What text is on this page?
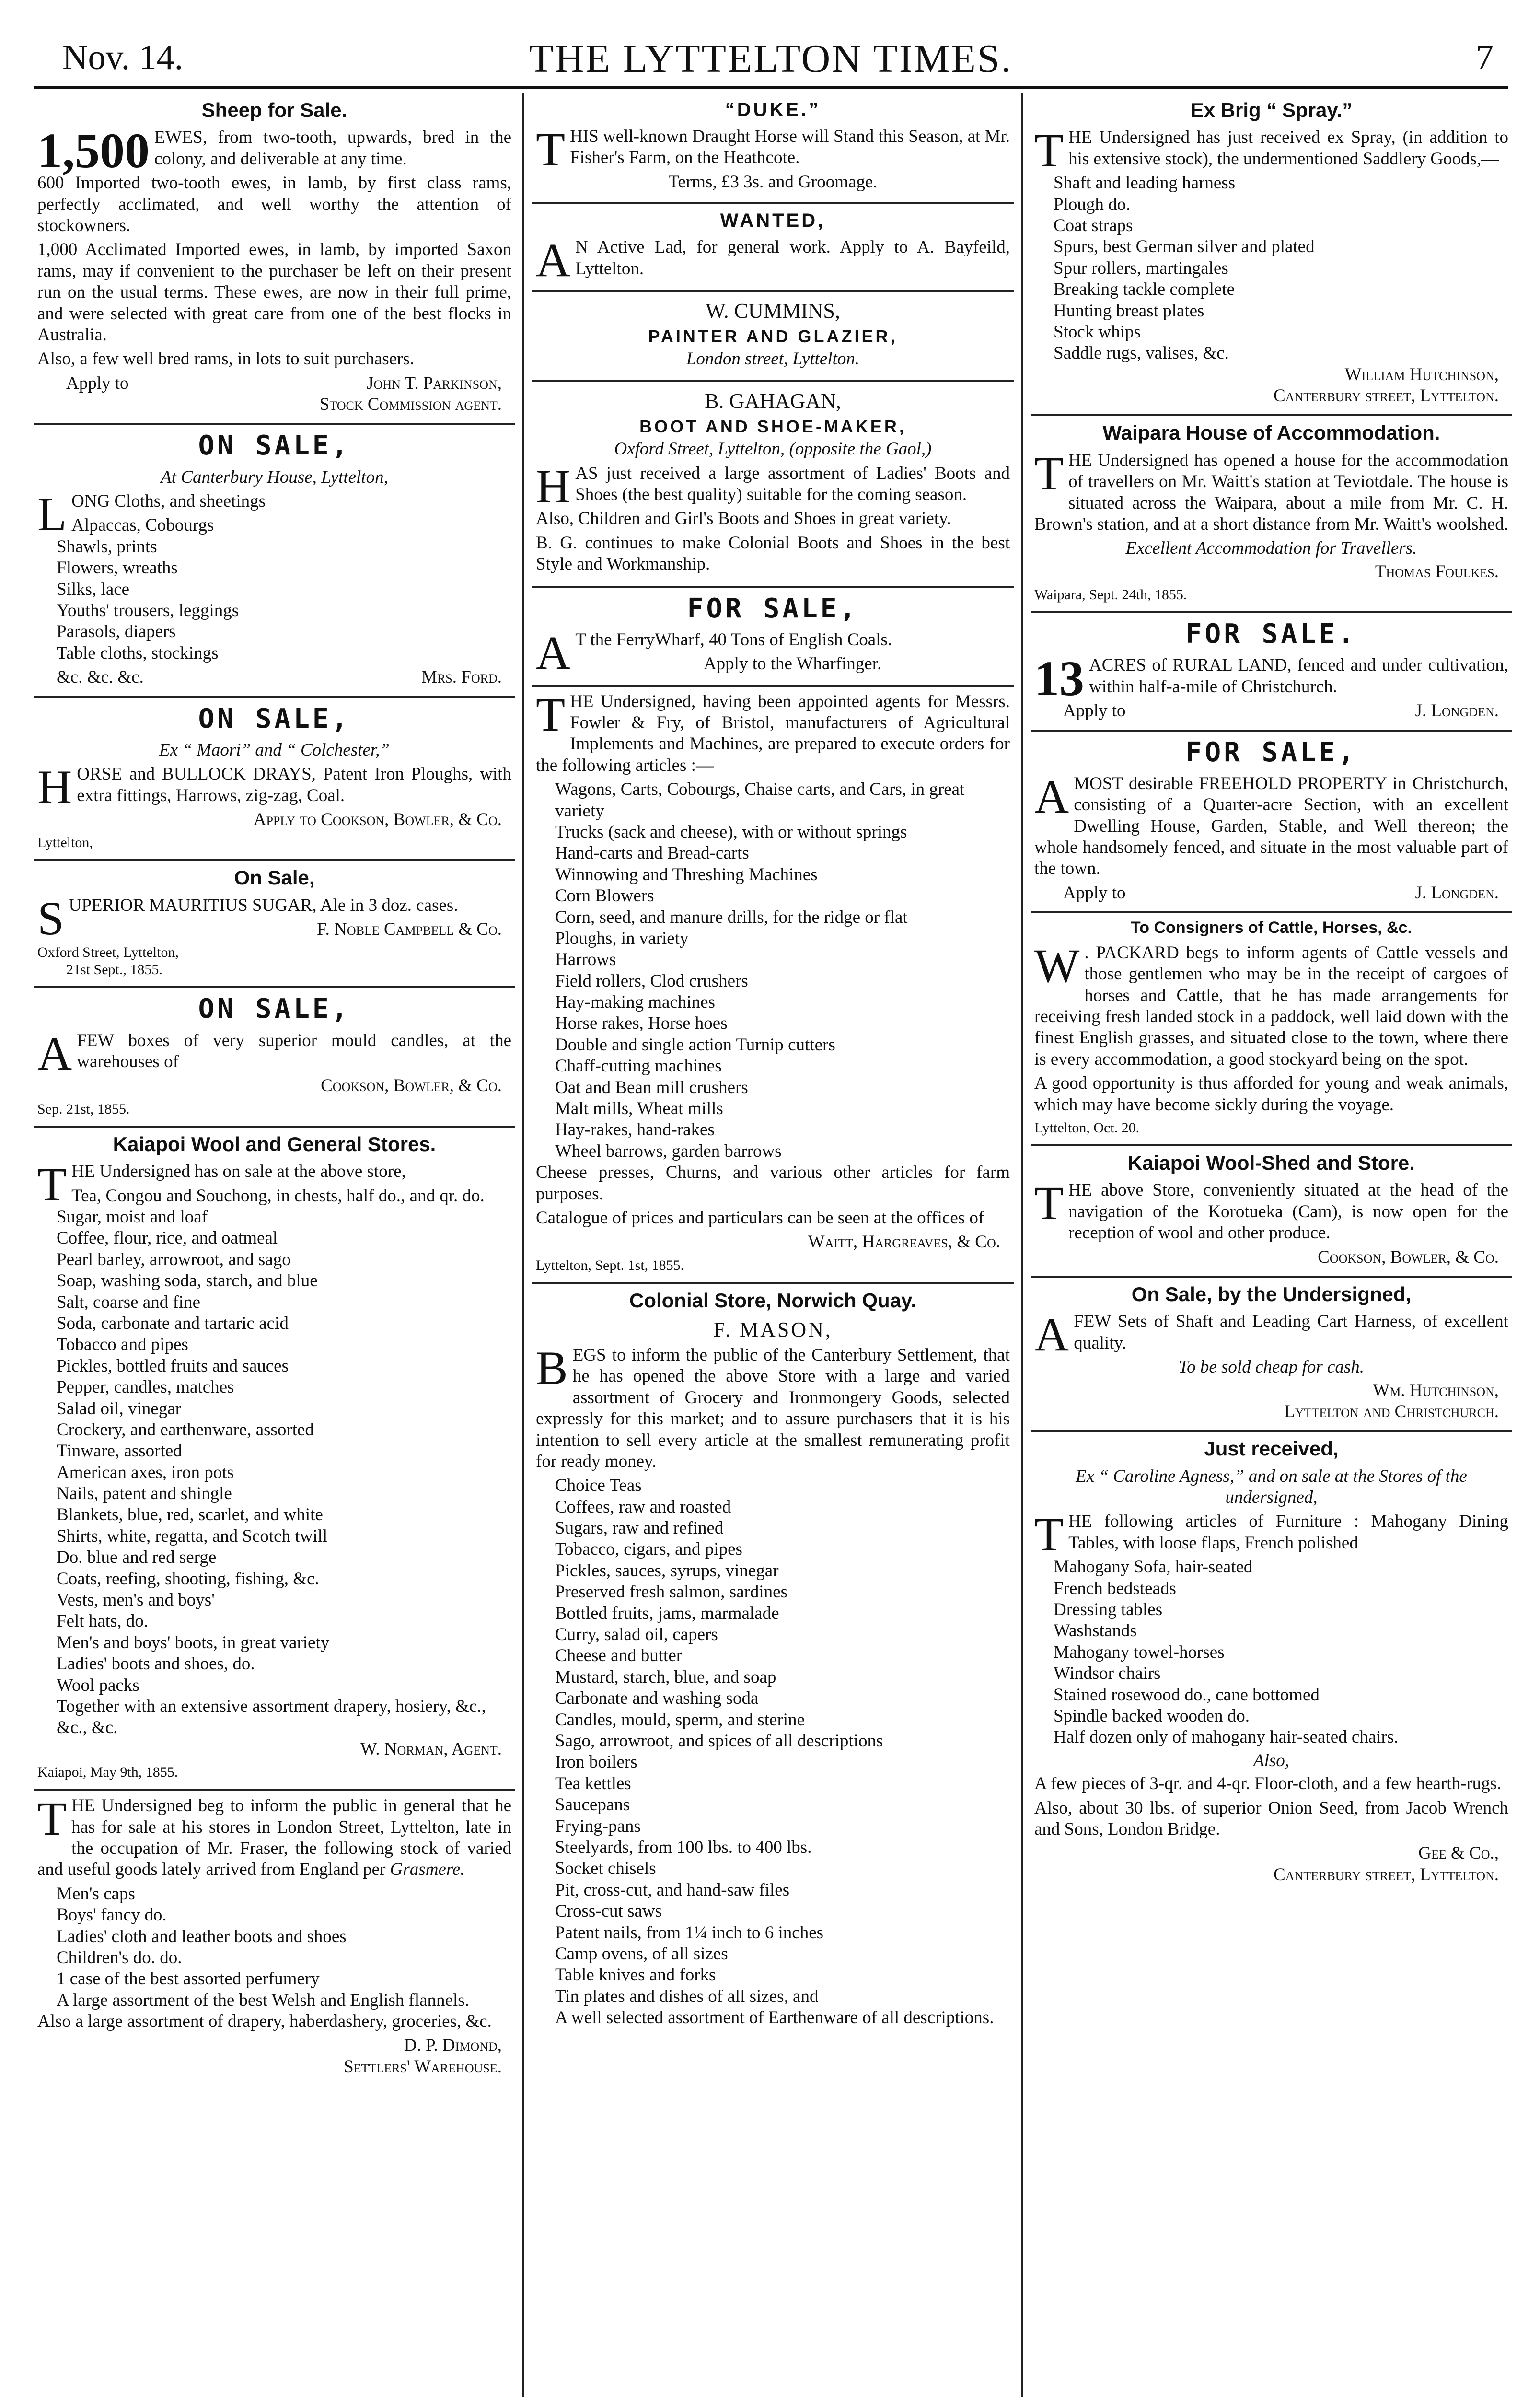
Nov. 14.	THE LYTTELTON TIMES.	7
Sheep for Sale.

1,500 EWES, from two-tooth, upwards, bred in the colony, and deliverable at any time.

600 Imported two-tooth ewes, in lamb, by first class rams, perfectly acclimated, and well worthy the attention of stockowners.

1,000 Acclimated Imported ewes, in lamb, by imported Saxon rams, may if convenient to the purchaser be left on their present run on the usual terms. These ewes, are now in their full prime, and were selected with great care from one of the best flocks in Australia.

Also, a few well bred rams, in lots to suit purchasers.

Apply to	John T. Parkinson,
Stock Commission agent.
ON SALE,
At Canterbury House, Lyttelton,

LONG Cloths, and sheetings

Alpaccas, Cobourgs
Shawls, prints
Flowers, wreaths
Silks, lace
Youths' trousers, leggings
Parasols, diapers
Table cloths, stockings
&c. &c. &c.	Mrs. Ford.
ON SALE,
Ex “ Maori” and “ Colchester,”

HORSE and BULLOCK DRAYS, Patent Iron Ploughs, with extra fittings, Harrows, zig-zag, Coal.

Apply to Cookson, Bowler, & Co.
Lyttelton,
On Sale,

SUPERIOR MAURITIUS SUGAR, Ale in 3 doz. cases.

F. Noble Campbell & Co.
Oxford Street, Lyttelton,
21st Sept., 1855.
ON SALE,

AFEW boxes of very superior mould candles, at the warehouses of

Cookson, Bowler, & Co.
Sep. 21st, 1855.
Kaiapoi Wool and General Stores.

THE Undersigned has on sale at the above store,

Tea, Congou and Souchong, in chests, half do., and qr. do.
Sugar, moist and loaf
Coffee, flour, rice, and oatmeal
Pearl barley, arrowroot, and sago
Soap, washing soda, starch, and blue
Salt, coarse and fine
Soda, carbonate and tartaric acid
Tobacco and pipes
Pickles, bottled fruits and sauces
Pepper, candles, matches
Salad oil, vinegar
Crockery, and earthenware, assorted
Tinware, assorted
American axes, iron pots
Nails, patent and shingle
Blankets, blue, red, scarlet, and white
Shirts, white, regatta, and Scotch twill
Do. blue and red serge
Coats, reefing, shooting, fishing, &c.
Vests, men's and boys'
Felt hats, do.
Men's and boys' boots, in great variety
Ladies' boots and shoes, do.
Wool packs
Together with an extensive assortment drapery, hosiery, &c., &c., &c.
W. Norman, Agent.
Kaiapoi, May 9th, 1855.

THE Undersigned beg to inform the public in general that he has for sale at his stores in London Street, Lyttelton, late in the occupation of Mr. Fraser, the following stock of varied and useful goods lately arrived from England per Grasmere.

Men's caps
Boys' fancy do.
Ladies' cloth and leather boots and shoes
Children's do. do.
1 case of the best assorted perfumery
A large assortment of the best Welsh and English flannels.

Also a large assortment of drapery, haberdashery, groceries, &c.

D. P. Dimond,
Settlers' Warehouse.
“DUKE.”

THIS well-known Draught Horse will Stand this Season, at Mr. Fisher's Farm, on the Heathcote.

Terms, £3 3s. and Groomage.
WANTED,

A N Active Lad, for general work. Apply to A. Bayfeild, Lyttelton.

W. CUMMINS,
PAINTER AND GLAZIER,
London street, Lyttelton.
B. GAHAGAN,
BOOT AND SHOE-MAKER,
Oxford Street, Lyttelton, (opposite the Gaol,)

HAS just received a large assortment of Ladies' Boots and Shoes (the best quality) suitable for the coming season.

Also, Children and Girl's Boots and Shoes in great variety.

B. G. continues to make Colonial Boots and Shoes in the best Style and Workmanship.

FOR SALE,

A T the FerryWharf, 40 Tons of English Coals.

Apply to the Wharfinger.

THE Undersigned, having been appointed agents for Messrs. Fowler & Fry, of Bristol, manufacturers of Agricultural Implements and Machines, are prepared to execute orders for the following articles :—

Wagons, Carts, Cobourgs, Chaise carts, and Cars, in great variety
Trucks (sack and cheese), with or without springs
Hand-carts and Bread-carts
Winnowing and Threshing Machines
Corn Blowers
Corn, seed, and manure drills, for the ridge or flat
Ploughs, in variety
Harrows
Field rollers, Clod crushers
Hay-making machines
Horse rakes, Horse hoes
Double and single action Turnip cutters
Chaff-cutting machines
Oat and Bean mill crushers
Malt mills, Wheat mills
Hay-rakes, hand-rakes
Wheel barrows, garden barrows

Cheese presses, Churns, and various other articles for farm purposes.

Catalogue of prices and particulars can be seen at the offices of

Waitt, Hargreaves, & Co.
Lyttelton, Sept. 1st, 1855.
Colonial Store, Norwich Quay.
F. MASON,

BEGS to inform the public of the Canterbury Settlement, that he has opened the above Store with a large and varied assortment of Grocery and Ironmongery Goods, selected expressly for this market; and to assure purchasers that it is his intention to sell every article at the smallest remunerating profit for ready money.

Choice Teas
Coffees, raw and roasted
Sugars, raw and refined
Tobacco, cigars, and pipes
Pickles, sauces, syrups, vinegar
Preserved fresh salmon, sardines
Bottled fruits, jams, marmalade
Curry, salad oil, capers
Cheese and butter
Mustard, starch, blue, and soap
Carbonate and washing soda
Candles, mould, sperm, and sterine
Sago, arrowroot, and spices of all descriptions
Iron boilers
Tea kettles
Saucepans
Frying-pans
Steelyards, from 100 lbs. to 400 lbs.
Socket chisels
Pit, cross-cut, and hand-saw files
Cross-cut saws
Patent nails, from 1¼ inch to 6 inches
Camp ovens, of all sizes
Table knives and forks
Tin plates and dishes of all sizes, and
A well selected assortment of Earthenware of all descriptions.
Ex Brig “ Spray.”

THE Undersigned has just received ex Spray, (in addition to his extensive stock), the undermentioned Saddlery Goods,—

Shaft and leading harness
Plough do.
Coat straps
Spurs, best German silver and plated
Spur rollers, martingales
Breaking tackle complete
Hunting breast plates
Stock whips
Saddle rugs, valises, &c.
William Hutchinson,
Canterbury street, Lyttelton.
Waipara House of Accommodation.

THE Undersigned has opened a house for the accommodation of travellers on Mr. Waitt's station at Teviotdale. The house is situated across the Waipara, about a mile from Mr. C. H. Brown's station, and at a short distance from Mr. Waitt's woolshed.

Excellent Accommodation for Travellers.
Thomas Foulkes.
Waipara, Sept. 24th, 1855.
FOR SALE.

13 ACRES of RURAL LAND, fenced and under cultivation, within half-a-mile of Christchurch.

Apply to	J. Longden.
FOR SALE,

AMOST desirable FREEHOLD PROPERTY in Christchurch, consisting of a Quarter-acre Section, with an excellent Dwelling House, Garden, Stable, and Well thereon; the whole handsomely fenced, and situate in the most valuable part of the town.

Apply to	J. Longden.
To Consigners of Cattle, Horses, &c.

W . PACKARD begs to inform agents of Cattle vessels and those gentlemen who may be in the receipt of cargoes of horses and Cattle, that he has made arrangements for receiving fresh landed stock in a paddock, well laid down with the finest English grasses, and situated close to the town, where there is every accommodation, a good stockyard being on the spot.

A good opportunity is thus afforded for young and weak animals, which may have become sickly during the voyage.

Lyttelton, Oct. 20.
Kaiapoi Wool-Shed and Store.

THE above Store, conveniently situated at the head of the navigation of the Korotueka (Cam), is now open for the reception of wool and other produce.

Cookson, Bowler, & Co.
On Sale, by the Undersigned,

AFEW Sets of Shaft and Leading Cart Harness, of excellent quality.

To be sold cheap for cash.
Wm. Hutchinson,
Lyttelton and Christchurch.
Just received,
Ex “ Caroline Agness,” and on sale at the Stores of the undersigned,

THE following articles of Furniture : Mahogany Dining Tables, with loose flaps, French polished

Mahogany Sofa, hair-seated
French bedsteads
Dressing tables
Washstands
Mahogany towel-horses
Windsor chairs
Stained rosewood do., cane bottomed
Spindle backed wooden do.
Half dozen only of mahogany hair-seated chairs.
Also,

A few pieces of 3-qr. and 4-qr. Floor-cloth, and a few hearth-rugs.

Also, about 30 lbs. of superior Onion Seed, from Jacob Wrench and Sons, London Bridge.

Gee & Co.,
Canterbury street, Lyttelton.
